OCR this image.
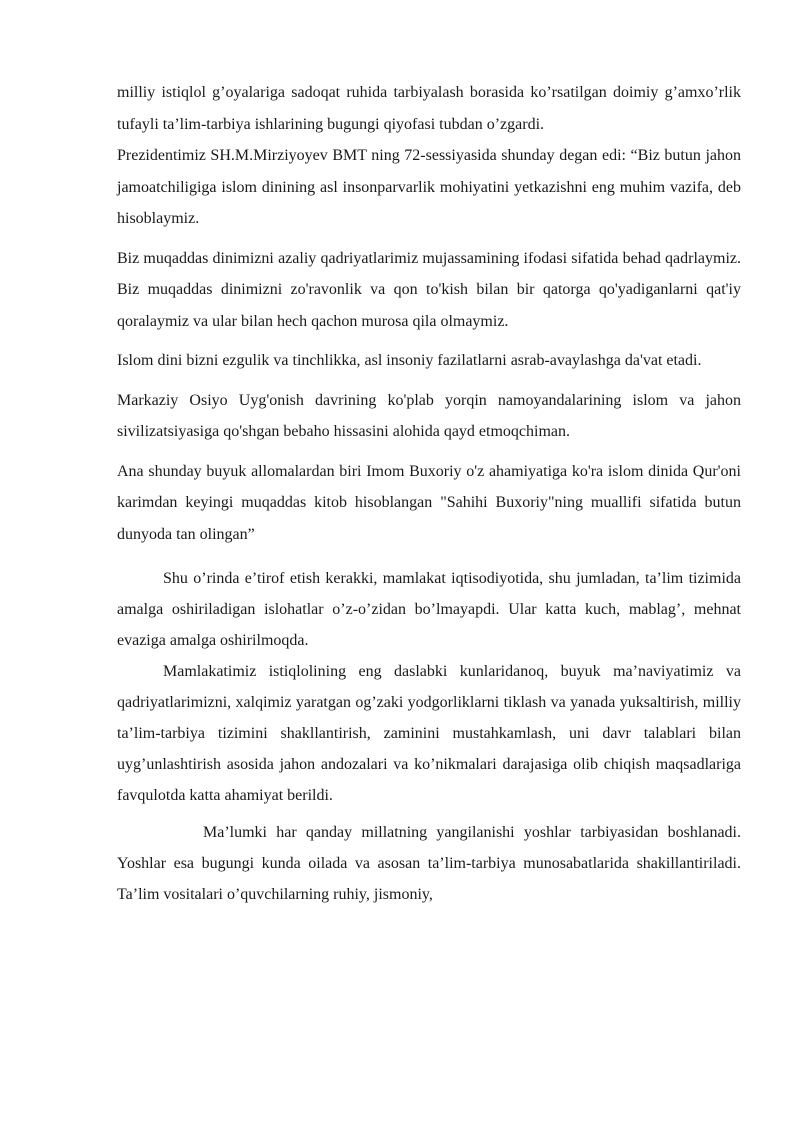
milliy istiqlol g’oyalariga sadoqat ruhida tarbiyalash borasida ko’rsatilgan doimiy g’amxo’rlik tufayli ta’lim-tarbiya ishlarining bugungi qiyofasi tubdan o’zgardi.

Prezidentimiz SH.M.Mirziyoyev BMT ning 72-sessiyasida shunday degan edi: “Biz butun jahon jamoatchiligiga islom dinining asl insonparvarlik mohiyatini yetkazishni eng muhim vazifa, deb hisoblaymiz.

Biz muqaddas dinimizni azaliy qadriyatlarimiz mujassamining ifodasi sifatida behad qadrlaymiz. Biz muqaddas dinimizni zo'ravonlik va qon to'kish bilan bir qatorga qo'yadiganlarni qat'iy qoralaymiz va ular bilan hech qachon murosa qila olmaymiz.

Islom dini bizni ezgulik va tinchlikka, asl insoniy fazilatlarni asrab-avaylashga da'vat etadi.

Markaziy Osiyo Uyg'onish davrining ko'plab yorqin namoyandalarining islom va jahon sivilizatsiyasiga qo'shgan bebaho hissasini alohida qayd etmoqchiman.

Ana shunday buyuk allomalardan biri Imom Buxoriy o'z ahamiyatiga ko'ra islom dinida Qur'oni karimdan keyingi muqaddas kitob hisoblangan "Sahihi Buxoriy"ning muallifi sifatida butun dunyoda tan olingan”

Shu o’rinda e’tirof etish kerakki, mamlakat iqtisodiyotida, shu jumladan, ta’lim tizimida amalga oshiriladigan islohatlar o’z-o’zidan bo’lmayapdi. Ular katta kuch, mablag’, mehnat evaziga amalga oshirilmoqda.

Mamlakatimiz istiqlolining eng daslabki kunlaridanoq, buyuk ma’naviyatimiz va qadriyatlarimizni, xalqimiz yaratgan og’zaki yodgorliklarni tiklash va yanada yuksaltirish, milliy ta’lim-tarbiya tizimini shakllantirish, zaminini mustahkamlash, uni davr talablari bilan uyg’unlashtirish asosida jahon andozalari va ko’nikmalari darajasiga olib chiqish maqsadlariga favqulotda katta ahamiyat berildi.

Ma’lumki har qanday millatning yangilanishi yoshlar tarbiyasidan boshlanadi. Yoshlar esa bugungi kunda oilada va asosan ta’lim-tarbiya munosabatlarida shakillantiriladi. Ta’lim vositalari o’quvchilarning ruhiy, jismoniy,
